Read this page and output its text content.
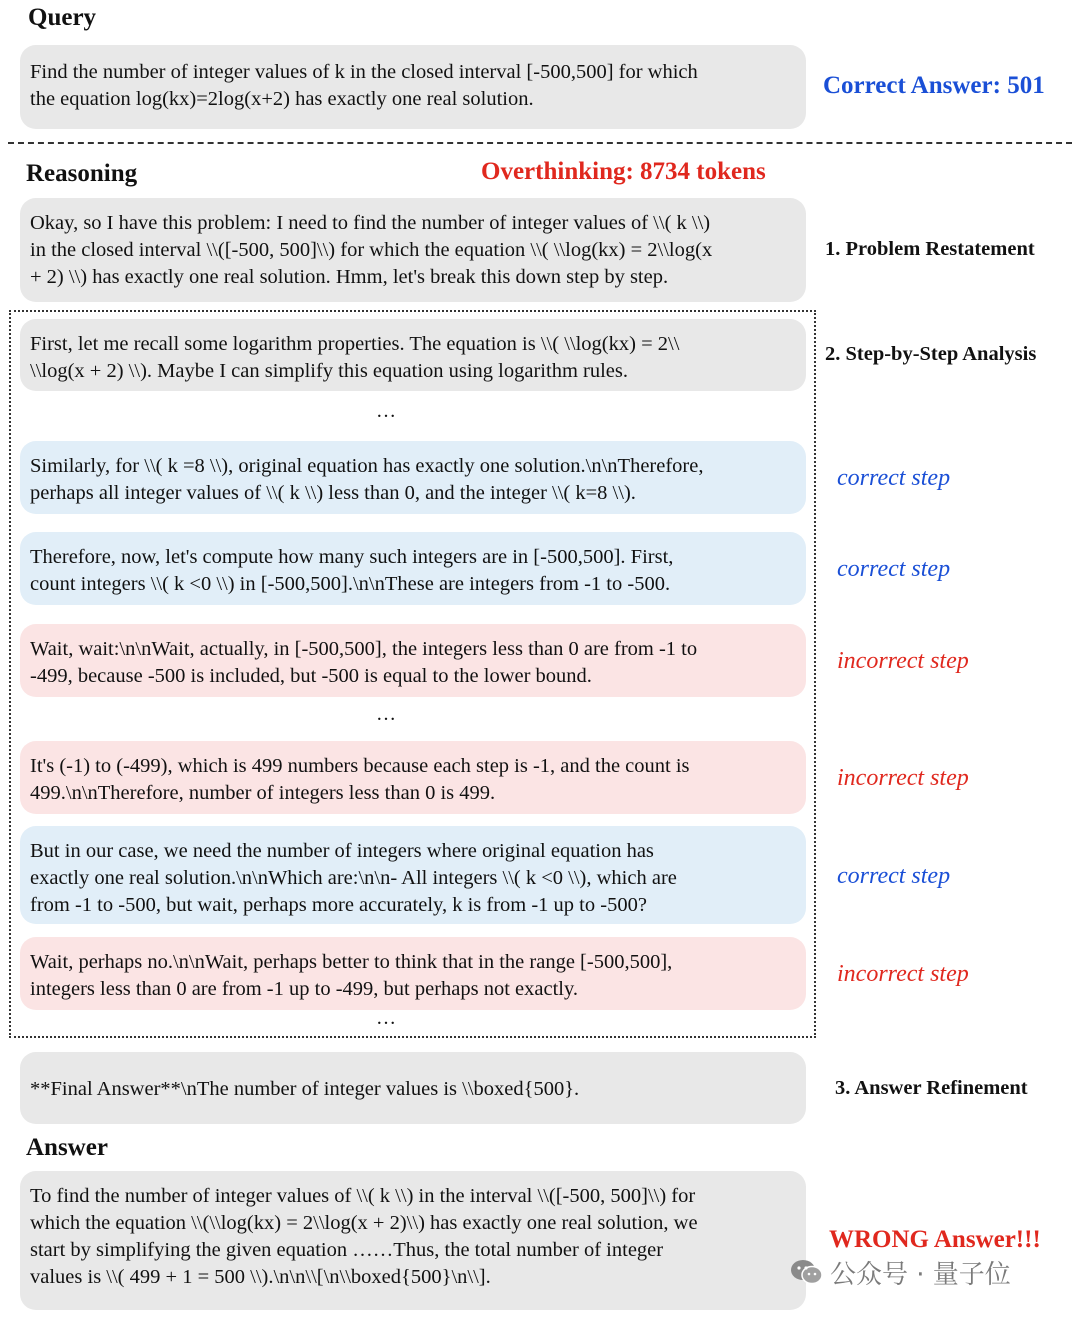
Query
Find the number of integer values of k in the closed interval [-500,500] for which
the equation log(kx)=2log(x+2) has exactly one real solution.	Correct Answer: 501
Reasoning	Overthinking: 8734 tokens
Okay, so I have this problem: I need to find the number of integer values of \\( k \\)
in the closed interval \\([-500, 500]\\) for which the equation \\( \\log(kx) = 2\\log(x
+ 2) \\) has exactly one real solution. Hmm, let's break this down step by step.
1. Problem Restatement
First, let me recall some logarithm properties. The equation is \\( \\log(kx) = 2\\
\\log(x + 2) \\). Maybe I can simplify this equation using logarithm rules.
2. Step-by-Step Analysis
…
Similarly, for \\( k =8 \\), original equation has exactly one solution.\n\nTherefore,
perhaps all integer values of \\( k \\) less than 0, and the integer \\( k=8 \\).
correct step
Therefore, now, let's compute how many such integers are in [-500,500]. First,
count integers \\( k <0 \\) in [-500,500].\n\nThese are integers from -1 to -500.
correct step
Wait, wait:\n\nWait, actually, in [-500,500], the integers less than 0 are from -1 to
-499, because -500 is included, but -500 is equal to the lower bound.
incorrect step
…
It's (-1) to (-499), which is 499 numbers because each step is -1, and the count is
499.\n\nTherefore, number of integers less than 0 is 499.
incorrect step
But in our case, we need the number of integers where original equation has
exactly one real solution.\n\nWhich are:\n\n- All integers \\( k <0 \\), which are
from -1 to -500, but wait, perhaps more accurately, k is from -1 up to -500?
correct step
Wait, perhaps no.\n\nWait, perhaps better to think that in the range [-500,500],
integers less than 0 are from -1 up to -499, but perhaps not exactly.
incorrect step
…
**Final Answer**\nThe number of integer values is \\boxed{500}.	3. Answer Refinement
Answer
To find the number of integer values of \\( k \\) in the interval \\([-500, 500]\\) for
which the equation \\(\\log(kx) = 2\\log(x + 2)\\) has exactly one real solution, we
start by simplifying the given equation ……Thus, the total number of integer
values is \\( 499 + 1 = 500 \\).\n\n\\[\n\\boxed{500}\n\\].
WRONG Answer!!!
公众号 · 量子位
